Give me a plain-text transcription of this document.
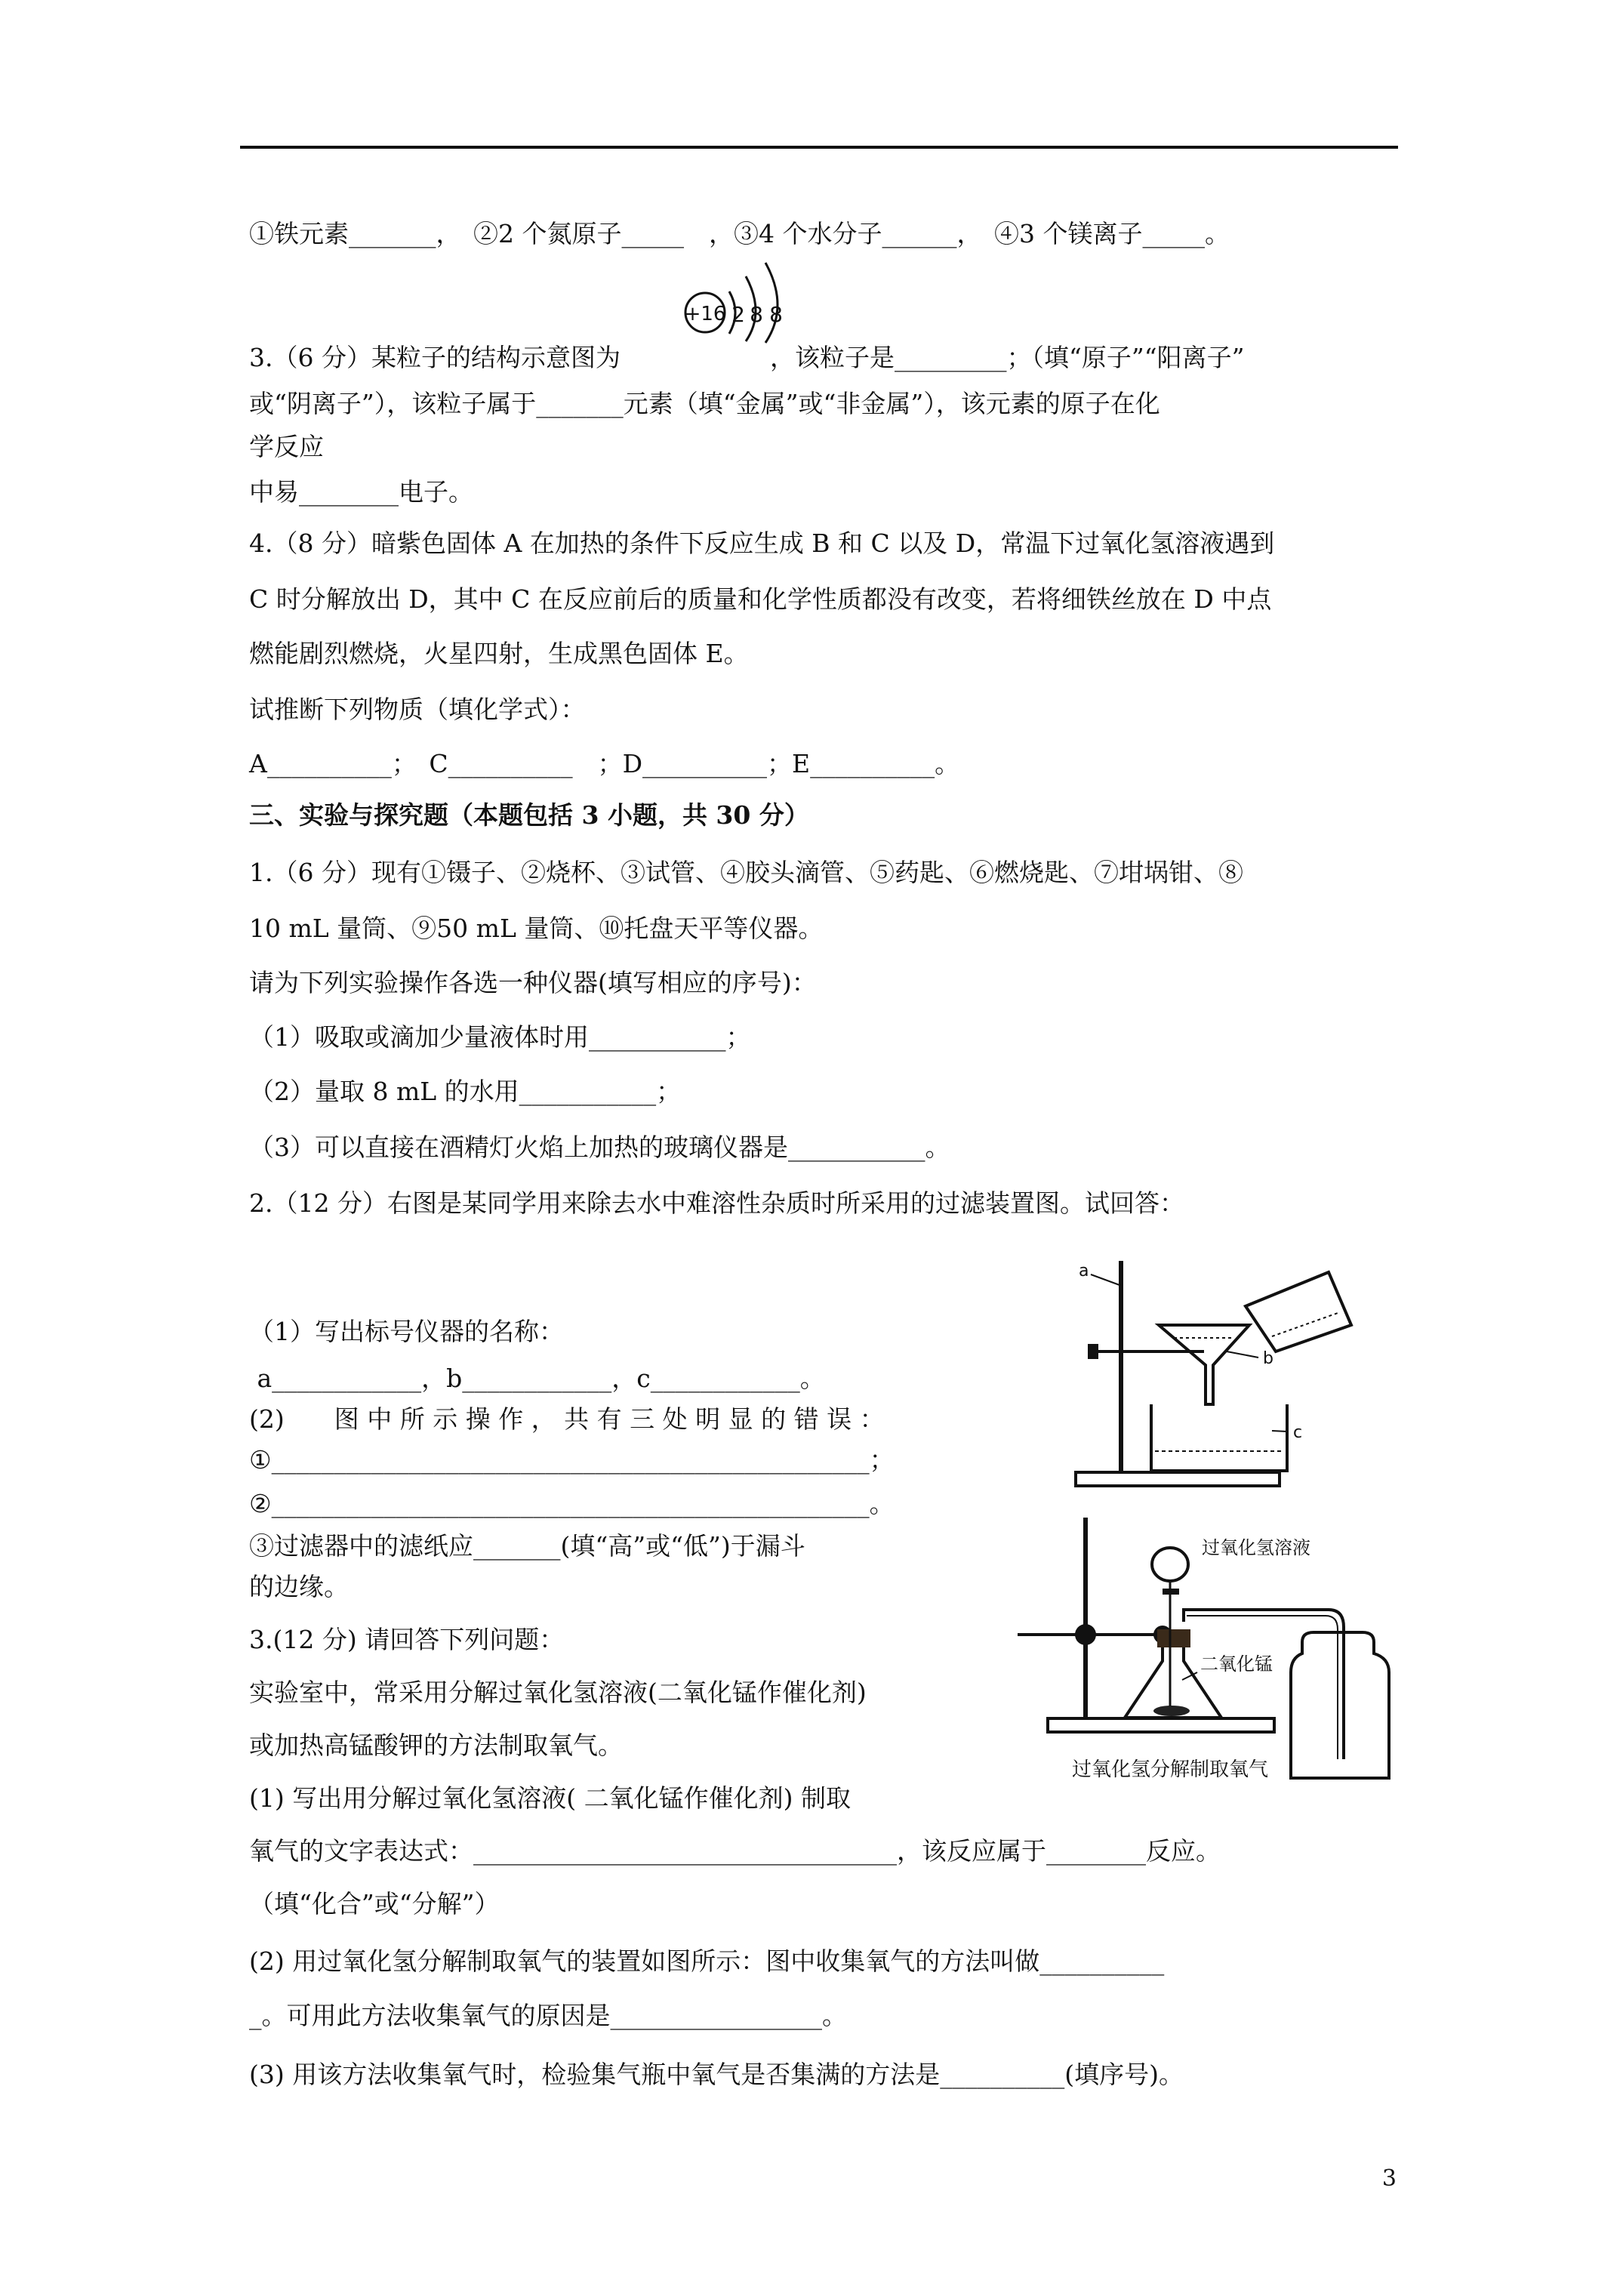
①铁元素_______，　②2 个氮原子_____　，③4 个水分子______，　④3 个镁离子_____。
+16 2 8 8
3.（6 分）某粒子的结构示意图为　　　　　　，该粒子是_________；（填“原子”“阳离子”
或“阴离子”），该粒子属于_______元素（填“金属”或“非金属”），该元素的原子在化
学反应
中易________电子。
4.（8 分）暗紫色固体 A 在加热的条件下反应生成 B 和 C 以及 D，常温下过氧化氢溶液遇到
C 时分解放出 D，其中 C 在反应前后的质量和化学性质都没有改变，若将细铁丝放在 D 中点
燃能剧烈燃烧，火星四射，生成黑色固体 E。
试推断下列物质（填化学式）：
A__________；　C__________　；D__________；E__________。
三、实验与探究题（本题包括 3 小题，共 30 分）
1.（6 分）现有①镊子、②烧杯、③试管、④胶头滴管、⑤药匙、⑥燃烧匙、⑦坩埚钳、⑧
10 mL 量筒、⑨50 mL 量筒、⑩托盘天平等仪器。
请为下列实验操作各选一种仪器(填写相应的序号)：
（1）吸取或滴加少量液体时用___________；
（2）量取 8 mL 的水用___________；
（3）可以直接在酒精灯火焰上加热的玻璃仪器是___________。
2.（12 分）右图是某同学用来除去水中难溶性杂质时所采用的过滤装置图。试回答：
（1）写出标号仪器的名称：
a____________，b____________，c____________。
(2)　　图 中 所 示 操 作 ， 共 有 三 处 明 显 的 错 误 ：
①________________________________________________；
②________________________________________________。
③过滤器中的滤纸应_______(填“高”或“低”)于漏斗
的边缘。
3.(12 分) 请回答下列问题：
实验室中，常采用分解过氧化氢溶液(二氧化锰作催化剂)
或加热高锰酸钾的方法制取氧气。
(1) 写出用分解过氧化氢溶液( 二氧化锰作催化剂) 制取
氧气的文字表达式：__________________________________，该反应属于________反应。
（填“化合”或“分解”）
(2) 用过氧化氢分解制取氧气的装置如图所示：图中收集氧气的方法叫做__________
_。可用此方法收集氧气的原因是_________________。
(3) 用该方法收集氧气时，检验集气瓶中氧气是否集满的方法是__________(填序号)。
a
b
c
过氧化氢溶液
二氧化锰
过氧化氢分解制取氧气
3
